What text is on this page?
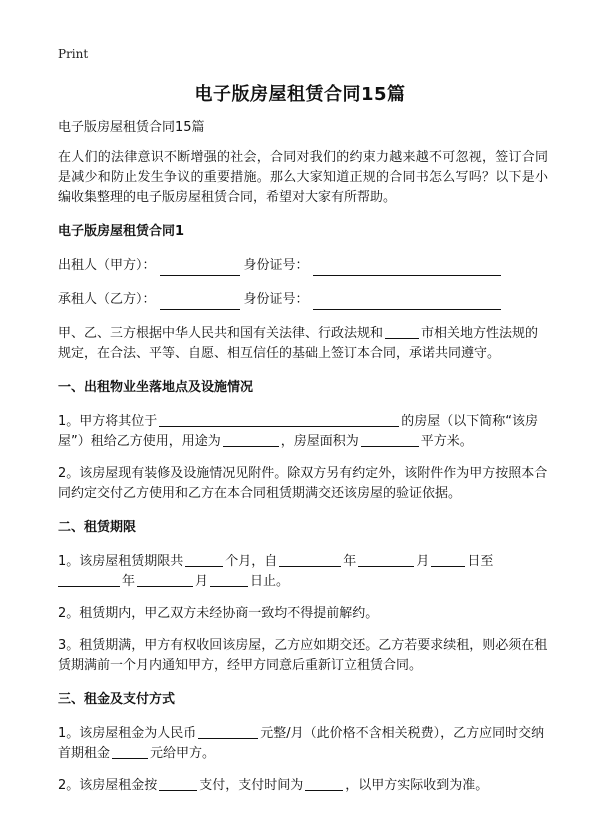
Print
电子版房屋租赁合同15篇

电子版房屋租赁合同15篇

在人们的法律意识不断增强的社会，合同对我们的约束力越来越不可忽视，签订合同是减少和防止发生争议的重要措施。那么大家知道正规的合同书怎么写吗？以下是小编收集整理的电子版房屋租赁合同，希望对大家有所帮助。

电子版房屋租赁合同1

出租人（甲方）：	身份证号：
承租人（乙方）：	身份证号：

甲、乙、三方根据中华人民共和国有关法律、行政法规和	市相关地方性法规的规定，在合法、平等、自愿、相互信任的基础上签订本合同，承诺共同遵守。

一、出租物业坐落地点及设施情况

1。甲方将其位于	的房屋（以下简称“该房屋”）租给乙方使用，用途为	，房屋面积为	平方米。

2。该房屋现有装修及设施情况见附件。除双方另有约定外，该附件作为甲方按照本合同约定交付乙方使用和乙方在本合同租赁期满交还该房屋的验证依据。

二、租赁期限

1。该房屋租赁期限共	个月，自	年	月	日至
年	月	日止。

2。租赁期内，甲乙双方未经协商一致均不得提前解约。

3。租赁期满，甲方有权收回该房屋，乙方应如期交还。乙方若要求续租，则必须在租赁期满前一个月内通知甲方，经甲方同意后重新订立租赁合同。

三、租金及支付方式

1。该房屋租金为人民币	元整/月（此价格不含相关税费），乙方应同时交纳首期租金	元给甲方。

2。该房屋租金按	支付，支付时间为	，以甲方实际收到为准。
